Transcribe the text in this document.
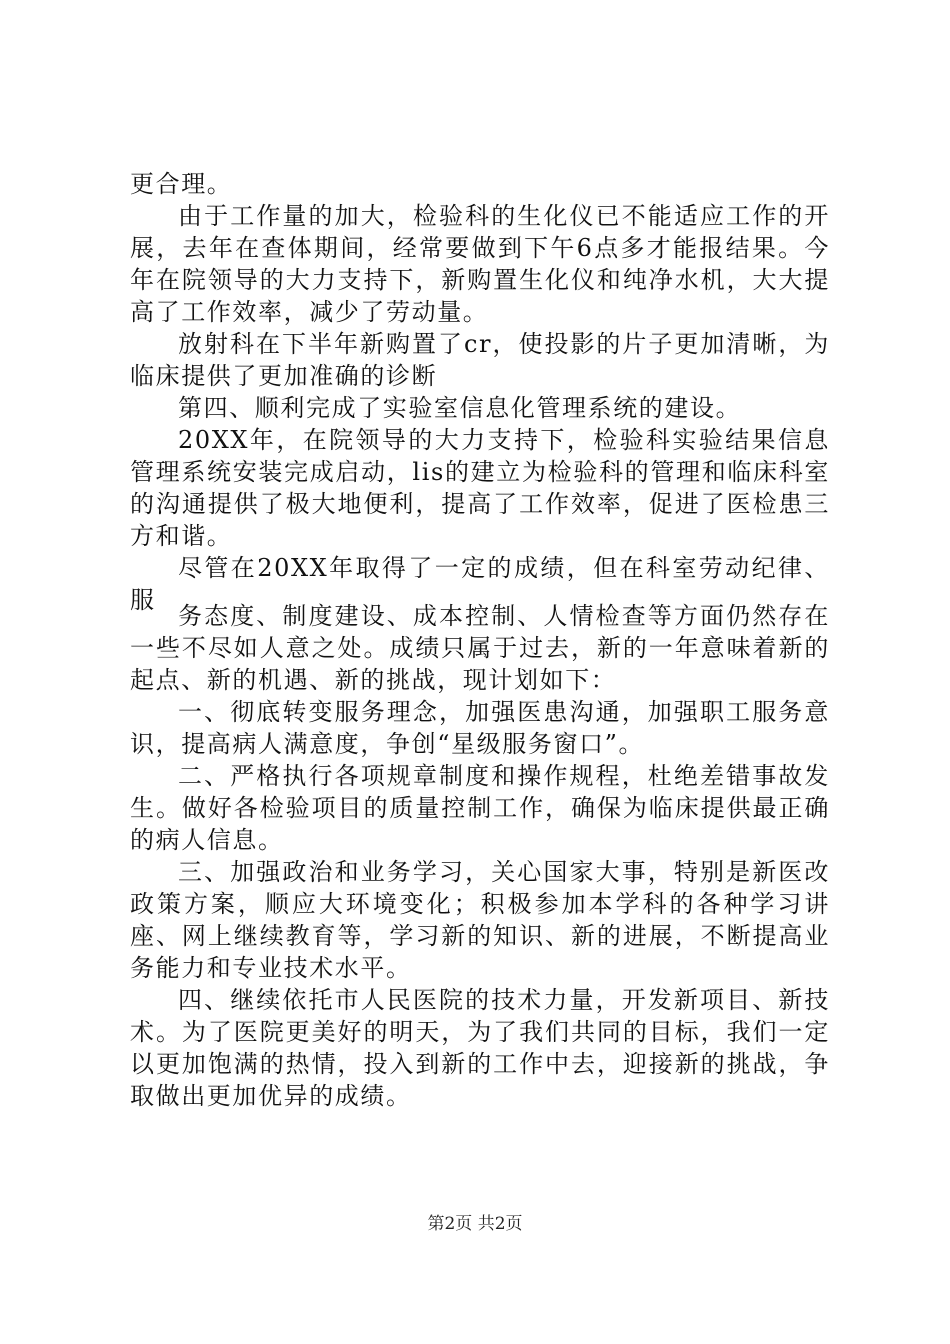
更合理。

由于工作量的加大，检验科的生化仪已不能适应工作的开展，去年在查体期间，经常要做到下午6点多才能报结果。今年在院领导的大力支持下，新购置生化仪和纯净水机，大大提高了工作效率，减少了劳动量。

放射科在下半年新购置了cr，使投影的片子更加清晰，为临床提供了更加准确的诊断

第四、顺利完成了实验室信息化管理系统的建设。

20XX年，在院领导的大力支持下，检验科实验结果信息管理系统安装完成启动，lis的建立为检验科的管理和临床科室的沟通提供了极大地便利，提高了工作效率，促进了医检患三方和谐。

尽管在20XX年取得了一定的成绩，但在科室劳动纪律、服

务态度、制度建设、成本控制、人情检查等方面仍然存在一些不尽如人意之处。成绩只属于过去，新的一年意味着新的起点、新的机遇、新的挑战，现计划如下：

一、彻底转变服务理念，加强医患沟通，加强职工服务意识，提高病人满意度，争创“星级服务窗口”。

二、严格执行各项规章制度和操作规程，杜绝差错事故发生。做好各检验项目的质量控制工作，确保为临床提供最正确的病人信息。

三、加强政治和业务学习，关心国家大事，特别是新医改政策方案，顺应大环境变化；积极参加本学科的各种学习讲座、网上继续教育等，学习新的知识、新的进展，不断提高业务能力和专业技术水平。

四、继续依托市人民医院的技术力量，开发新项目、新技术。为了医院更美好的明天，为了我们共同的目标，我们一定以更加饱满的热情，投入到新的工作中去，迎接新的挑战，争取做出更加优异的成绩。

第2页 共2页
